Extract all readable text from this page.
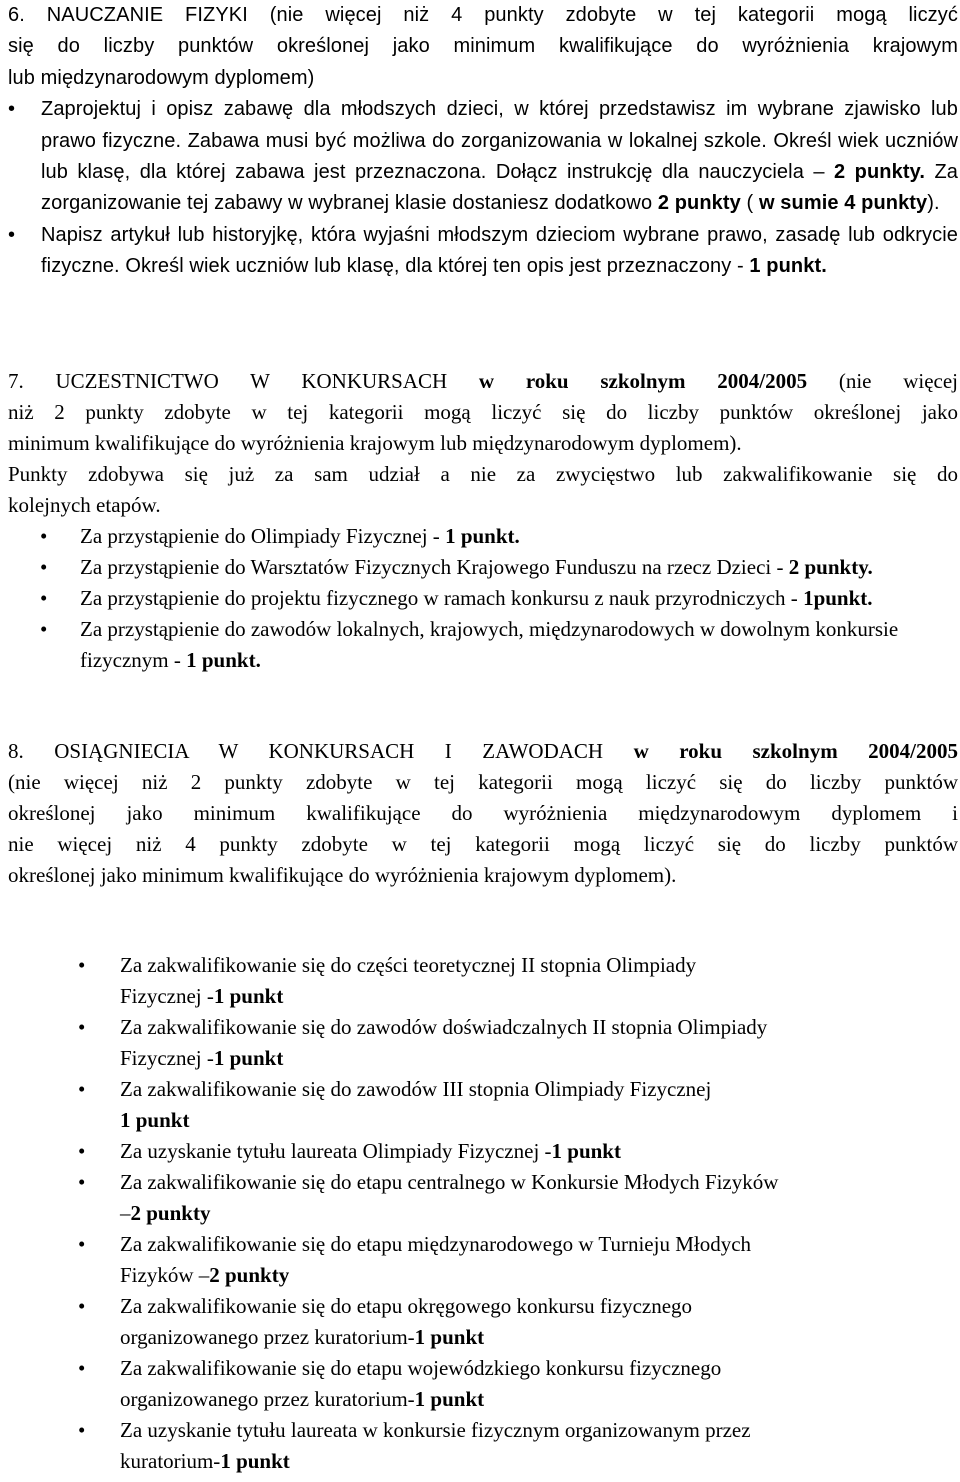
6. NAUCZANIE FIZYKI (nie więcej niż 4 punkty zdobyte w tej kategorii mogą liczyć

się do liczby punktów określonej jako minimum kwalifikujące do wyróżnienia krajowym

lub międzynarodowym dyplomem)

• Zaprojektuj i opisz zabawę dla młodszych dzieci, w której przedstawisz im wybrane zjawisko lub prawo fizyczne. Zabawa musi być możliwa do zorganizowania w lokalnej szkole. Określ wiek uczniów lub klasę, dla której zabawa jest przeznaczona. Dołącz instrukcję dla nauczyciela – 2 punkty. Za zorganizowanie tej zabawy w wybranej klasie dostaniesz dodatkowo 2 punkty ( w sumie 4 punkty).
• Napisz artykuł lub historyjkę, która wyjaśni młodszym dzieciom wybrane prawo, zasadę lub odkrycie fizyczne. Określ wiek uczniów lub klasę, dla której ten opis jest przeznaczony - 1 punkt.

7. UCZESTNICTWO W KONKURSACH w roku szkolnym 2004/2005 (nie więcej

niż 2 punkty zdobyte w tej kategorii mogą liczyć się do liczby punktów określonej jako

minimum kwalifikujące do wyróżnienia krajowym lub międzynarodowym dyplomem).

Punkty zdobywa się już za sam udział a nie za zwycięstwo lub zakwalifikowanie się do

kolejnych etapów.

• Za przystąpienie do Olimpiady Fizycznej - 1 punkt.
• Za przystąpienie do Warsztatów Fizycznych Krajowego Funduszu na rzecz Dzieci - 2 punkty.
• Za przystąpienie do projektu fizycznego w ramach konkursu z nauk przyrodniczych - 1punkt.
• Za przystąpienie do zawodów lokalnych, krajowych, międzynarodowych w dowolnym konkursie fizycznym - 1 punkt.

8. OSIĄGNIECIA W KONKURSACH I ZAWODACH w roku szkolnym 2004/2005

(nie więcej niż 2 punkty zdobyte w tej kategorii mogą liczyć się do liczby punktów

określonej jako minimum kwalifikujące do wyróżnienia międzynarodowym dyplomem i

nie więcej niż 4 punkty zdobyte w tej kategorii mogą liczyć się do liczby punktów

określonej jako minimum kwalifikujące do wyróżnienia krajowym dyplomem).

• Za zakwalifikowanie się do części teoretycznej II stopnia Olimpiady
Fizycznej -1 punkt
• Za zakwalifikowanie się do zawodów doświadczalnych II stopnia Olimpiady
Fizycznej -1 punkt
• Za zakwalifikowanie się do zawodów III stopnia Olimpiady Fizycznej
1 punkt
• Za uzyskanie tytułu laureata Olimpiady Fizycznej -1 punkt
• Za zakwalifikowanie się do etapu centralnego w Konkursie Młodych Fizyków
–2 punkty
• Za zakwalifikowanie się do etapu międzynarodowego w Turnieju Młodych
Fizyków –2 punkty
• Za zakwalifikowanie się do etapu okręgowego konkursu fizycznego
organizowanego przez kuratorium-1 punkt
• Za zakwalifikowanie się do etapu wojewódzkiego konkursu fizycznego
organizowanego przez kuratorium-1 punkt
• Za uzyskanie tytułu laureata w konkursie fizycznym organizowanym przez
kuratorium-1 punkt
